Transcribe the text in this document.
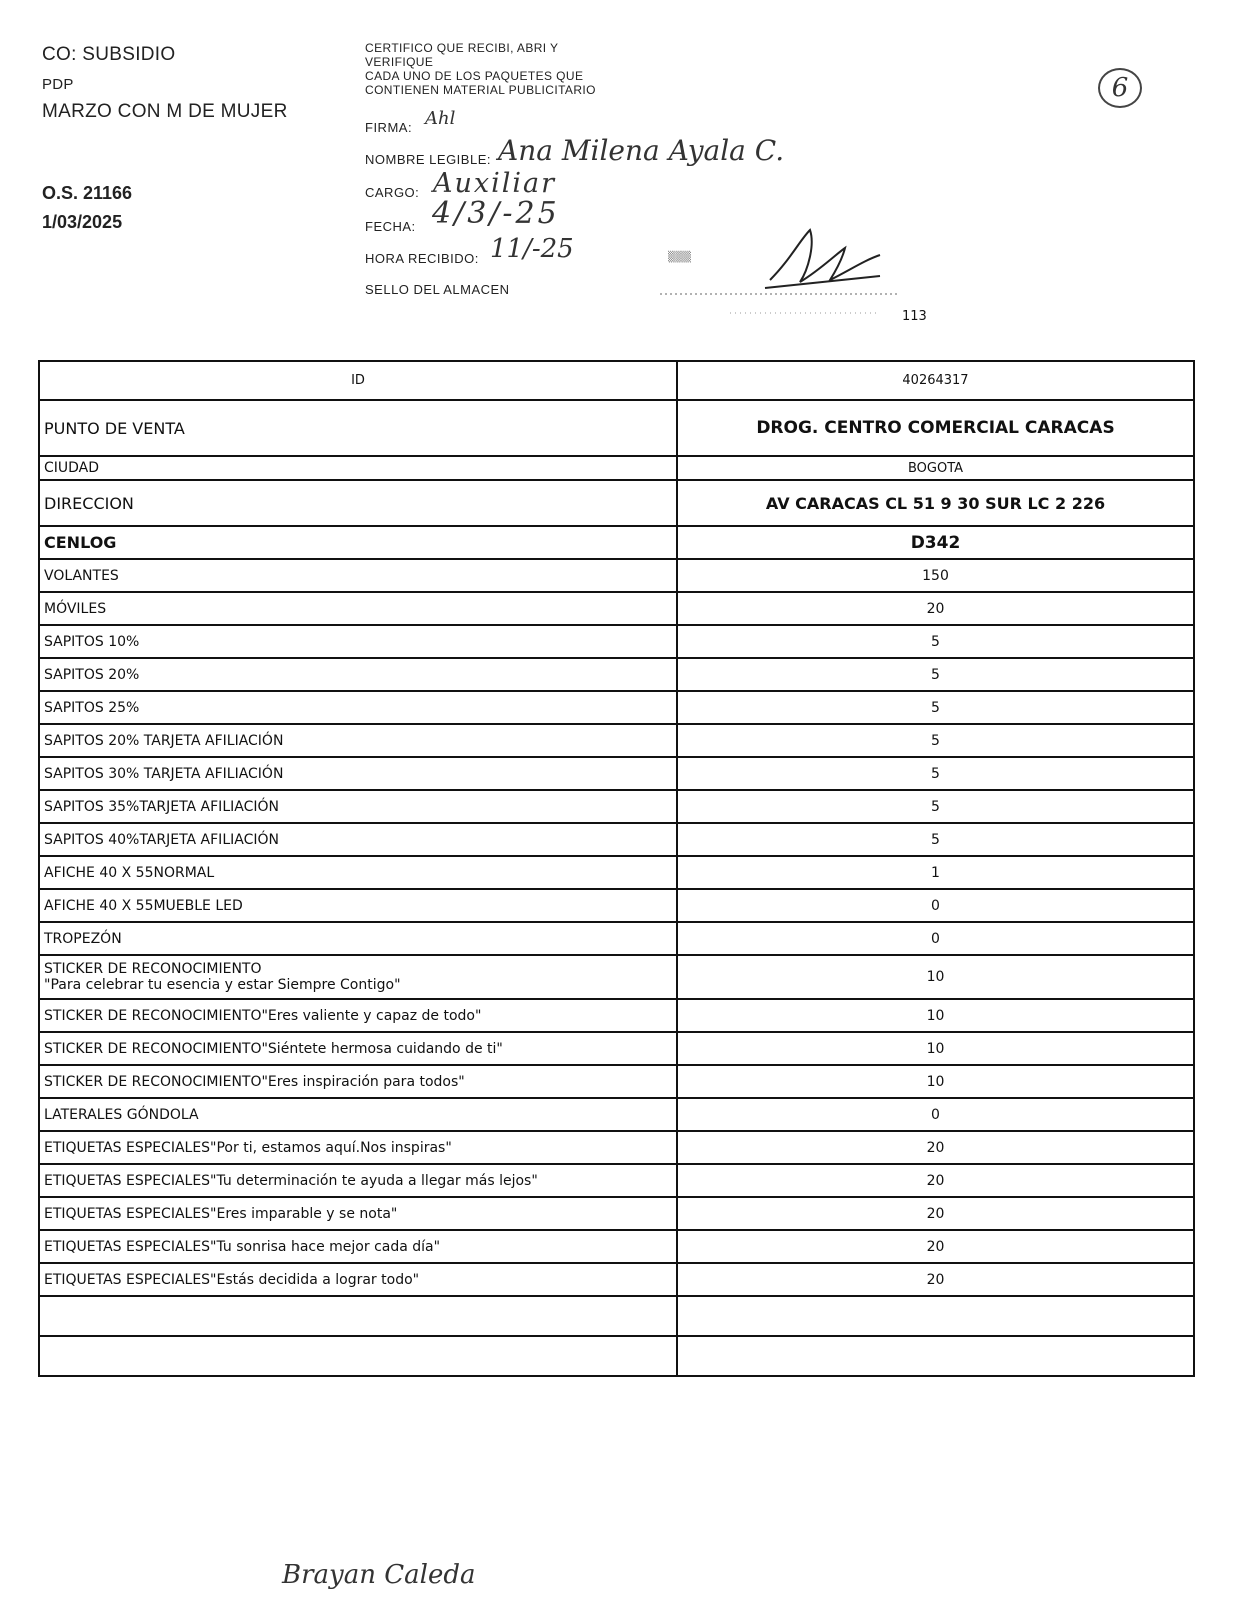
CO: SUBSIDIO
PDP
MARZO CON M DE MUJER
O.S. 21166
1/03/2025
6
CERTIFICO QUE RECIBI, ABRI Y
VERIFIQUE
CADA UNO DE LOS PAQUETES QUE
CONTIENEN MATERIAL PUBLICITARIO
FIRMA: Ahl
NOMBRE LEGIBLE: Ana Milena Ayala C.
CARGO: Auxiliar
FECHA: 4/3/-25
HORA RECIBIDO: 11/-25
SELLO DEL ALMACEN
▒▒▒
113
ID	40264317
PUNTO DE VENTA	DROG. CENTRO COMERCIAL CARACAS
CIUDAD	BOGOTA
DIRECCION	AV CARACAS CL 51 9 30 SUR LC 2 226
CENLOG	D342
VOLANTES	150
MÓVILES	20
SAPITOS 10%	5
SAPITOS 20%	5
SAPITOS 25%	5
SAPITOS 20% TARJETA AFILIACIÓN	5
SAPITOS 30% TARJETA AFILIACIÓN	5
SAPITOS 35%TARJETA AFILIACIÓN	5
SAPITOS 40%TARJETA AFILIACIÓN	5
AFICHE 40 X 55NORMAL	1
AFICHE 40 X 55MUEBLE LED	0
TROPEZÓN	0
STICKER DE RECONOCIMIENTO
"Para celebrar tu esencia y estar Siempre Contigo"	10
STICKER DE RECONOCIMIENTO"Eres valiente y capaz de todo"	10
STICKER DE RECONOCIMIENTO"Siéntete hermosa cuidando de ti"	10
STICKER DE RECONOCIMIENTO"Eres inspiración para todos"	10
LATERALES GÓNDOLA	0
ETIQUETAS ESPECIALES"Por ti, estamos aquí.Nos inspiras"	20
ETIQUETAS ESPECIALES"Tu determinación te ayuda a llegar más lejos"	20
ETIQUETAS ESPECIALES"Eres imparable y se nota"	20
ETIQUETAS ESPECIALES"Tu sonrisa hace mejor cada día"	20
ETIQUETAS ESPECIALES"Estás decidida a lograr todo"	20

Brayan Caleda
